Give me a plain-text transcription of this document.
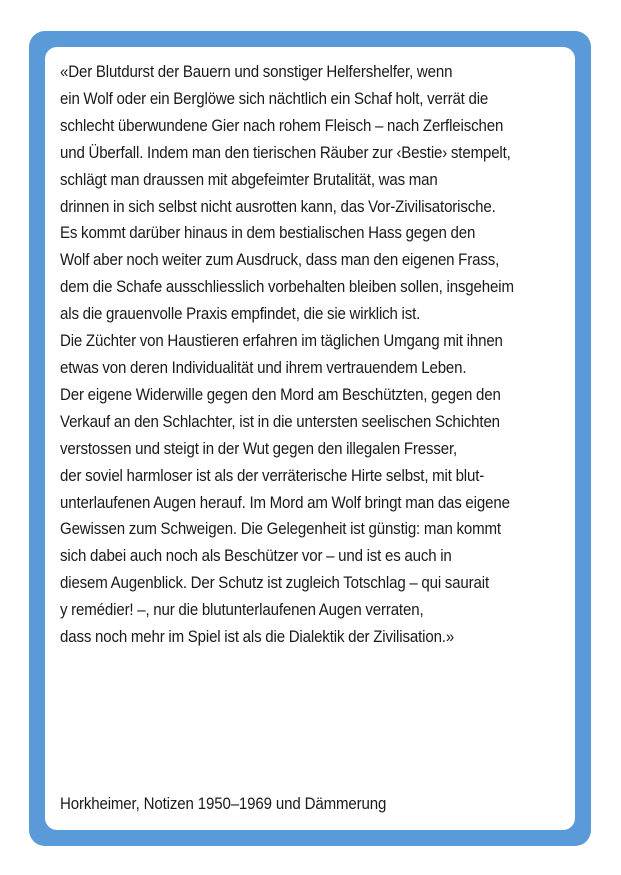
«Der Blutdurst der Bauern und sonstiger Helfershelfer, wenn
ein Wolf oder ein Berglöwe sich nächtlich ein Schaf holt, verrät die
schlecht überwundene Gier nach rohem Fleisch – nach Zerfleischen
und Überfall. Indem man den tierischen Räuber zur ‹Bestie› stempelt,
schlägt man draussen mit abgefeimter Brutalität, was man
drinnen in sich selbst nicht ausrotten kann, das Vor-Zivilisatorische.
Es kommt darüber hinaus in dem bestialischen Hass gegen den
Wolf aber noch weiter zum Ausdruck, dass man den eigenen Frass,
dem die Schafe ausschliesslich vorbehalten bleiben sollen, insgeheim
als die grauenvolle Praxis empfindet, die sie wirklich ist.
Die Züchter von Haustieren erfahren im täglichen Umgang mit ihnen
etwas von deren Individualität und ihrem vertrauendem Leben.
Der eigene Widerwille gegen den Mord am Beschützten, gegen den
Verkauf an den Schlachter, ist in die untersten seelischen Schichten
verstossen und steigt in der Wut gegen den illegalen Fresser,
der soviel harmloser ist als der verräterische Hirte selbst, mit blut-
unterlaufenen Augen herauf. Im Mord am Wolf bringt man das eigene
Gewissen zum Schweigen. Die Gelegenheit ist günstig: man kommt
sich dabei auch noch als Beschützer vor – und ist es auch in
diesem Augenblick. Der Schutz ist zugleich Totschlag – qui saurait
y remédier! –, nur die blutunterlaufenen Augen verraten,
dass noch mehr im Spiel ist als die Dialektik der Zivilisation.»

Horkheimer, Notizen 1950–1969 und Dämmerung
